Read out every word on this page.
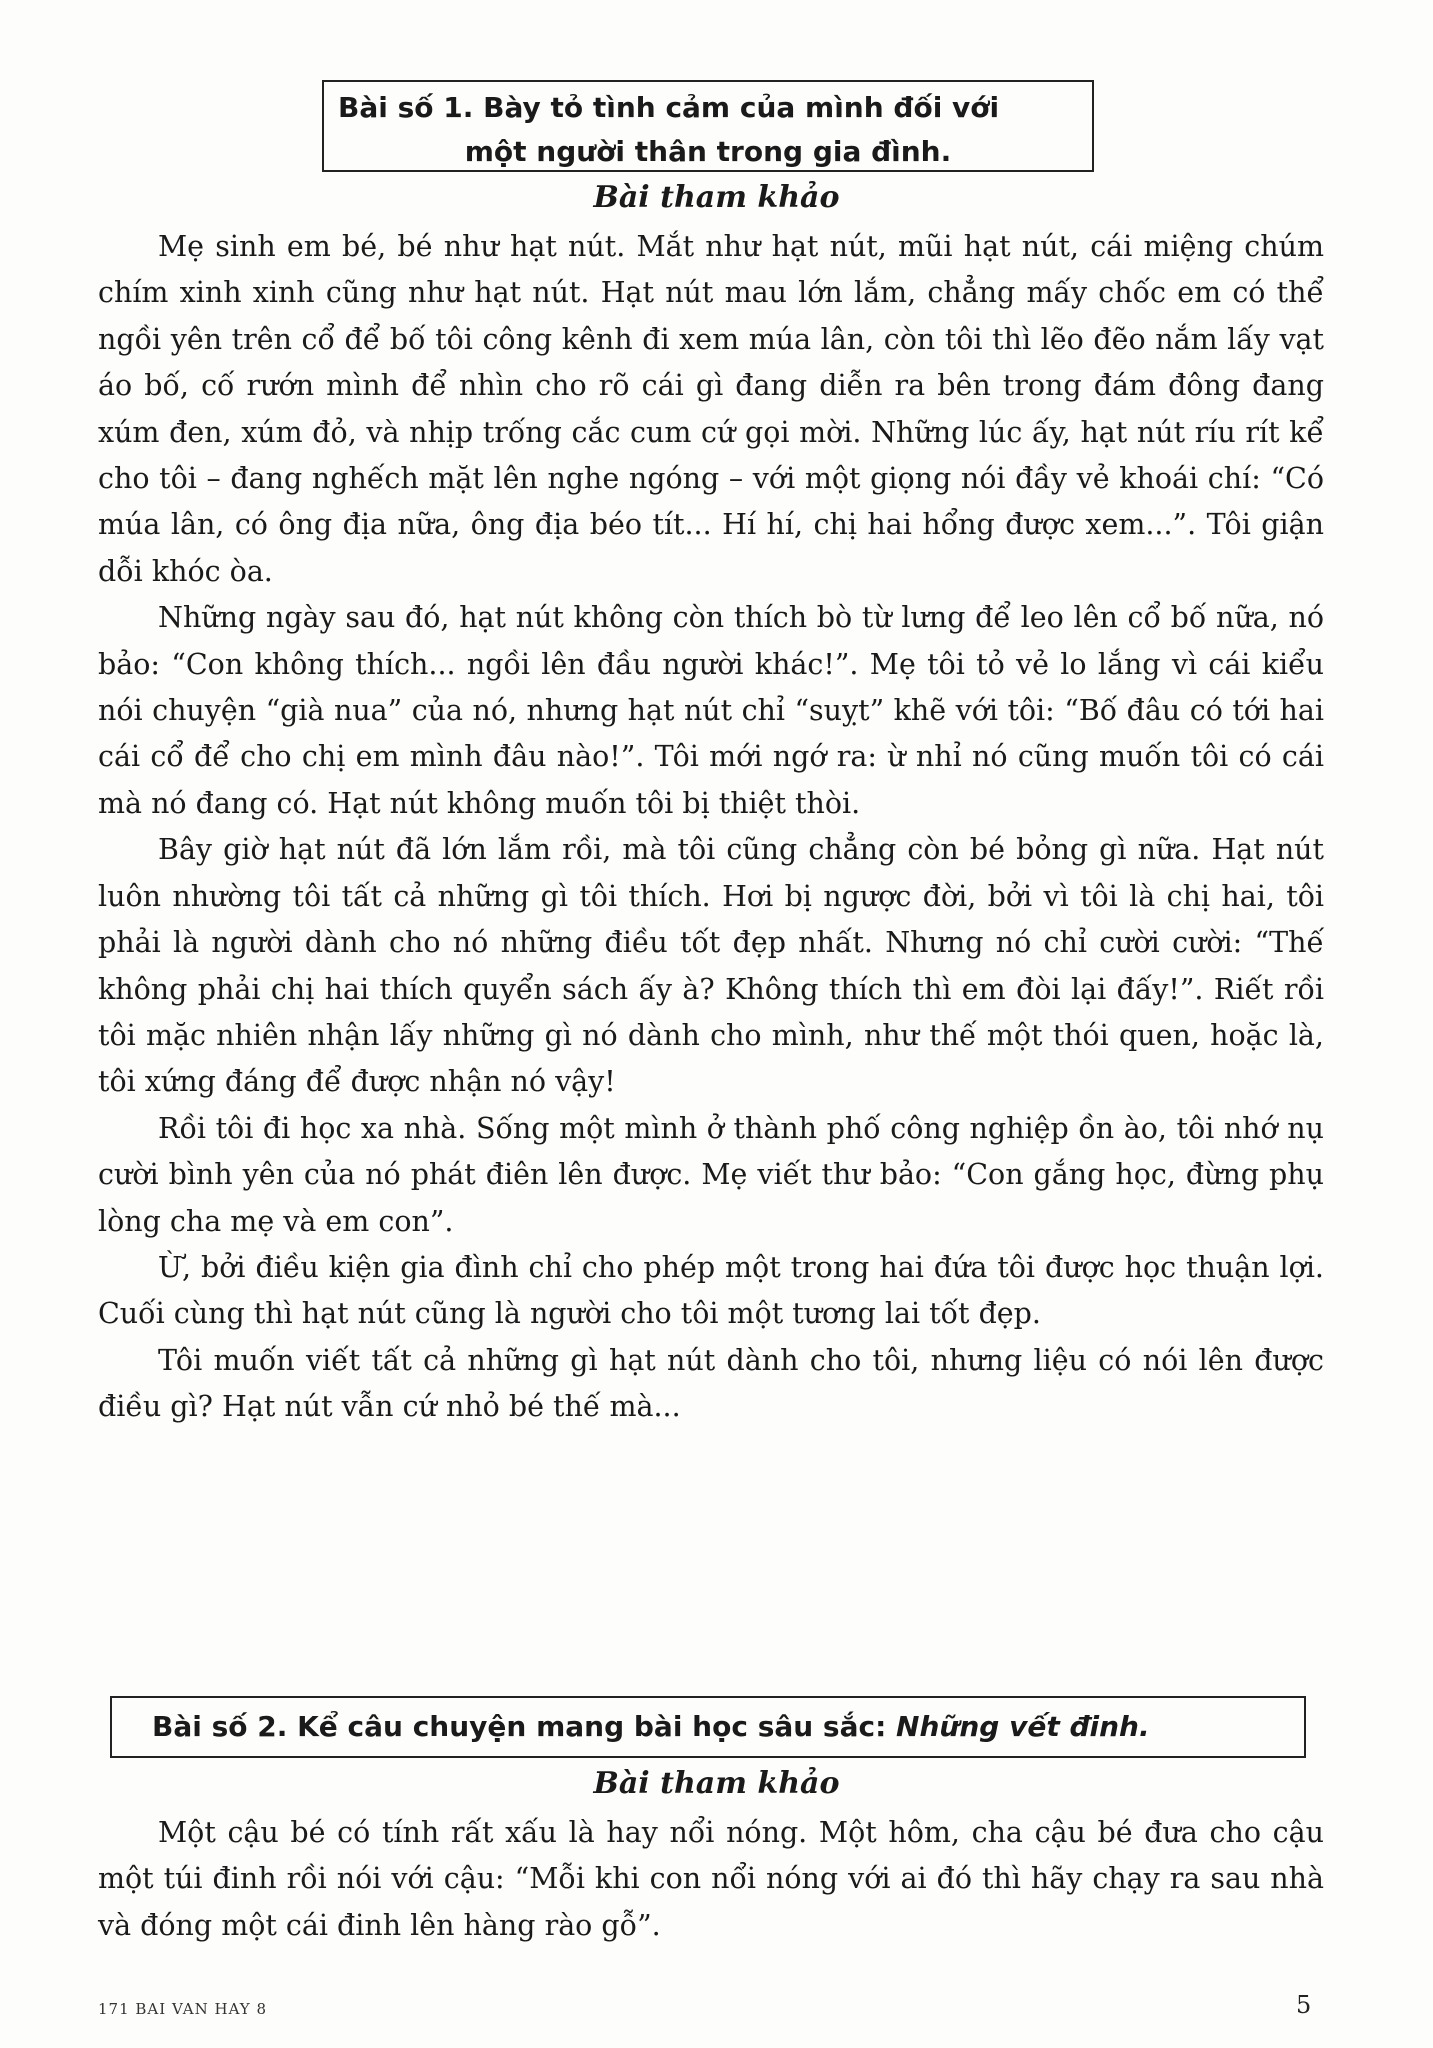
Bài số 1. Bày tỏ tình cảm của mình đối với
một người thân trong gia đình.
Bài tham khảo

Mẹ sinh em bé, bé như hạt nút. Mắt như hạt nút, mũi hạt nút, cái miệng chúm chím xinh xinh cũng như hạt nút. Hạt nút mau lớn lắm, chẳng mấy chốc em có thể ngồi yên trên cổ để bố tôi công kênh đi xem múa lân, còn tôi thì lẽo đẽo nắm lấy vạt áo bố, cố rướn mình để nhìn cho rõ cái gì đang diễn ra bên trong đám đông đang xúm đen, xúm đỏ, và nhịp trống cắc cum cứ gọi mời. Những lúc ấy, hạt nút ríu rít kể cho tôi – đang nghếch mặt lên nghe ngóng – với một giọng nói đầy vẻ khoái chí: “Có múa lân, có ông địa nữa, ông địa béo tít... Hí hí, chị hai hổng được xem...”. Tôi giận dỗi khóc òa.

Những ngày sau đó, hạt nút không còn thích bò từ lưng để leo lên cổ bố nữa, nó bảo: “Con không thích... ngồi lên đầu người khác!”. Mẹ tôi tỏ vẻ lo lắng vì cái kiểu nói chuyện “già nua” của nó, nhưng hạt nút chỉ “suỵt” khẽ với tôi: “Bố đâu có tới hai cái cổ để cho chị em mình đâu nào!”. Tôi mới ngớ ra: ừ nhỉ nó cũng muốn tôi có cái mà nó đang có. Hạt nút không muốn tôi bị thiệt thòi.

Bây giờ hạt nút đã lớn lắm rồi, mà tôi cũng chẳng còn bé bỏng gì nữa. Hạt nút luôn nhường tôi tất cả những gì tôi thích. Hơi bị ngược đời, bởi vì tôi là chị hai, tôi phải là người dành cho nó những điều tốt đẹp nhất. Nhưng nó chỉ cười cười: “Thế không phải chị hai thích quyển sách ấy à? Không thích thì em đòi lại đấy!”. Riết rồi tôi mặc nhiên nhận lấy những gì nó dành cho mình, như thế một thói quen, hoặc là, tôi xứng đáng để được nhận nó vậy!

Rồi tôi đi học xa nhà. Sống một mình ở thành phố công nghiệp ồn ào, tôi nhớ nụ cười bình yên của nó phát điên lên được. Mẹ viết thư bảo: “Con gắng học, đừng phụ lòng cha mẹ và em con”.

Ừ, bởi điều kiện gia đình chỉ cho phép một trong hai đứa tôi được học thuận lợi. Cuối cùng thì hạt nút cũng là người cho tôi một tương lai tốt đẹp.

Tôi muốn viết tất cả những gì hạt nút dành cho tôi, nhưng liệu có nói lên được điều gì? Hạt nút vẫn cứ nhỏ bé thế mà...

Bài số 2. Kể câu chuyện mang bài học sâu sắc: Những vết đinh.
Bài tham khảo

Một cậu bé có tính rất xấu là hay nổi nóng. Một hôm, cha cậu bé đưa cho cậu một túi đinh rồi nói với cậu: “Mỗi khi con nổi nóng với ai đó thì hãy chạy ra sau nhà và đóng một cái đinh lên hàng rào gỗ”.

171 BAI VAN HAY 8	5
